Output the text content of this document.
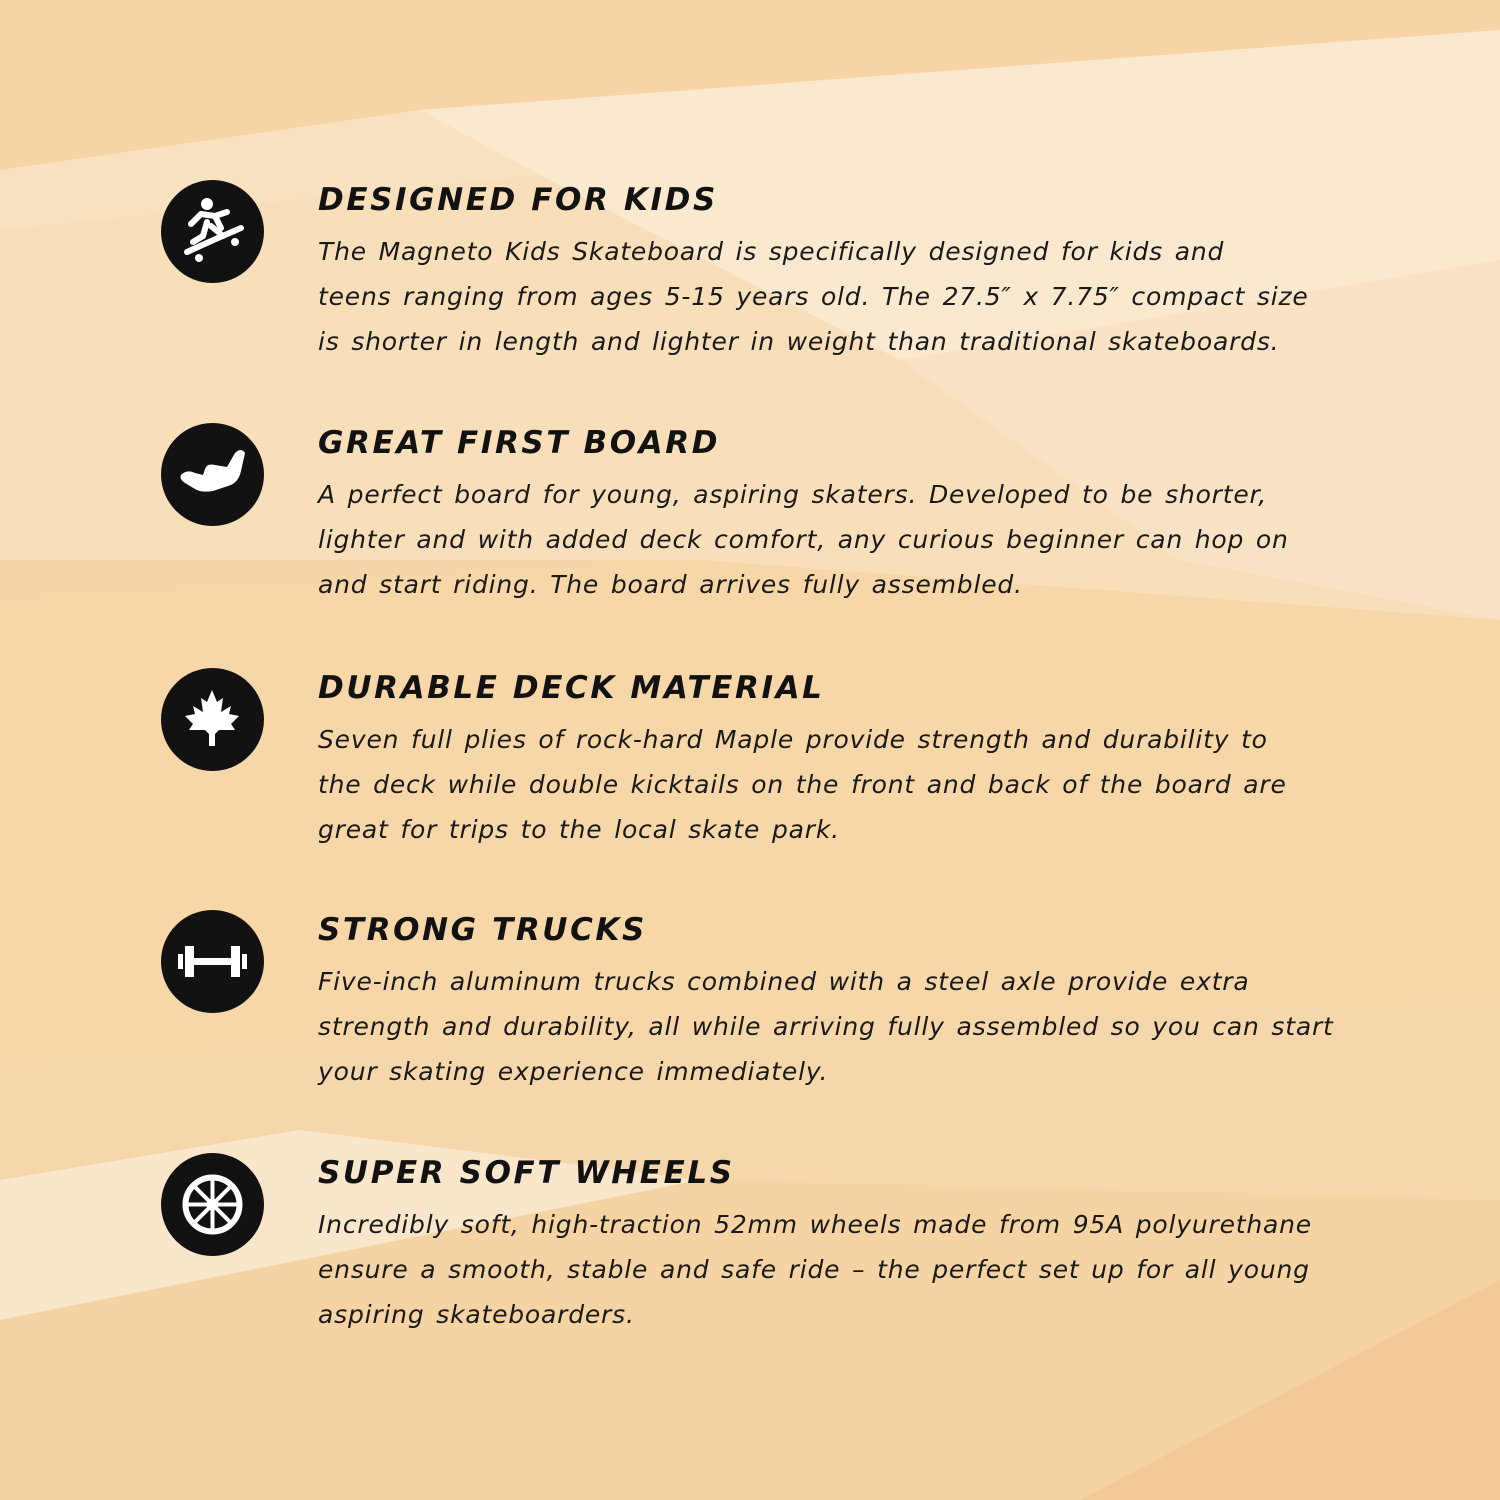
DESIGNED FOR KIDS
The Magneto Kids Skateboard is specifically designed for kids and
teens ranging from ages 5-15 years old. The 27.5″ x 7.75″ compact size
is shorter in length and lighter in weight than traditional skateboards.
GREAT FIRST BOARD
A perfect board for young, aspiring skaters. Developed to be shorter,
lighter and with added deck comfort, any curious beginner can hop on
and start riding. The board arrives fully assembled.
DURABLE DECK MATERIAL
Seven full plies of rock-hard Maple provide strength and durability to
the deck while double kicktails on the front and back of the board are
great for trips to the local skate park.
STRONG TRUCKS
Five-inch aluminum trucks combined with a steel axle provide extra
strength and durability, all while arriving fully assembled so you can start
your skating experience immediately.
SUPER SOFT WHEELS
Incredibly soft, high-traction 52mm wheels made from 95A polyurethane
ensure a smooth, stable and safe ride – the perfect set up for all young
aspiring skateboarders.
